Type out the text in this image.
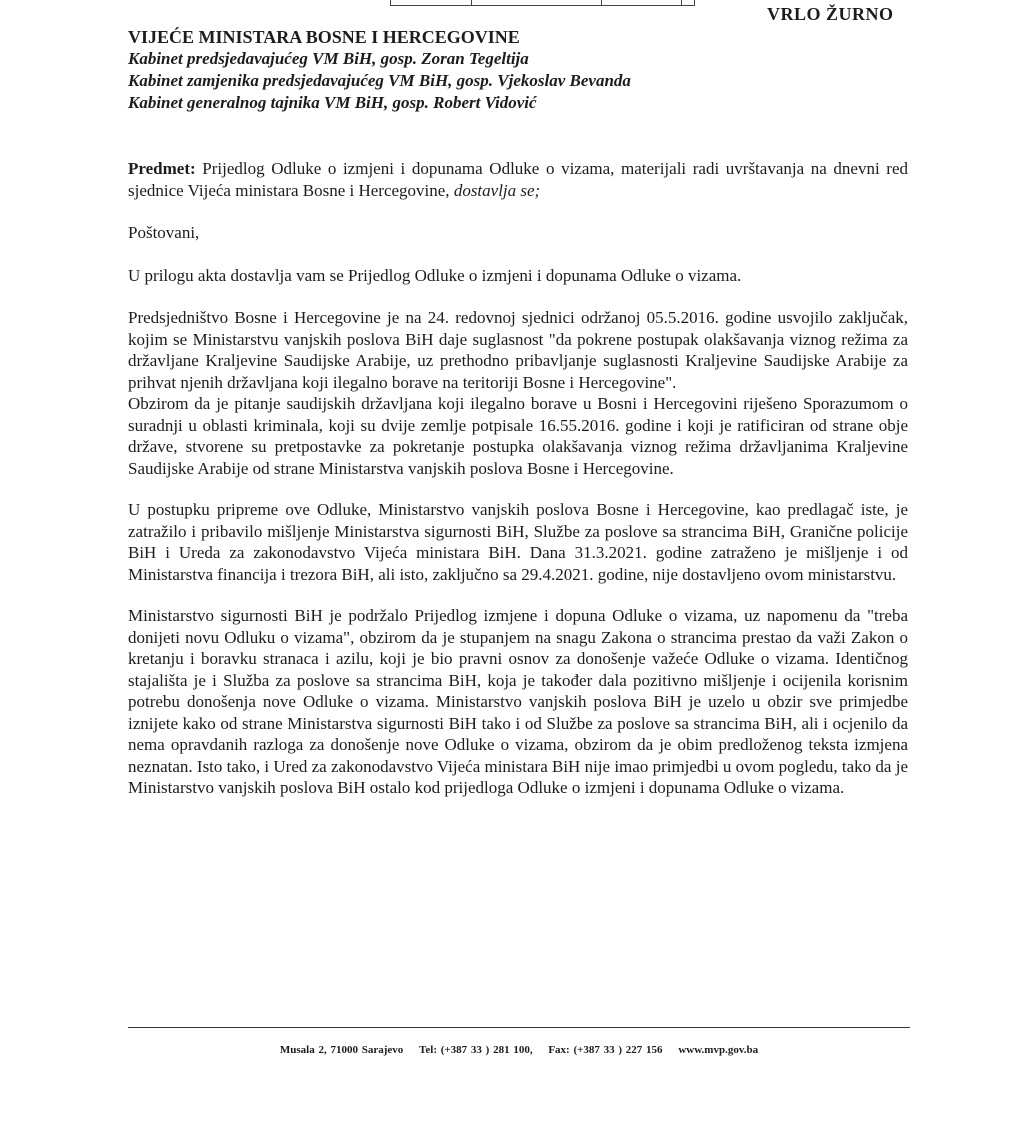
VRLO ŽURNO

VIJEĆE MINISTARA BOSNE I HERCEGOVINE

Kabinet predsjedavajućeg VM BiH, gosp. Zoran Tegeltija

Kabinet zamjenika predsjedavajućeg VM BiH, gosp. Vjekoslav Bevanda

Kabinet generalnog tajnika VM BiH, gosp. Robert Vidović

Predmet: Prijedlog Odluke o izmjeni i dopunama Odluke o vizama, materijali radi uvrštavanja na dnevni red sjednice Vijeća ministara Bosne i Hercegovine, dostavlja se;

Poštovani,

U prilogu akta dostavlja vam se Prijedlog Odluke o izmjeni i dopunama Odluke o vizama.

Predsjedništvo Bosne i Hercegovine je na 24. redovnoj sjednici održanoj 05.5.2016. godine usvojilo zaključak, kojim se Ministarstvu vanjskih poslova BiH daje suglasnost "da pokrene postupak olakšavanja viznog režima za državljane Kraljevine Saudijske Arabije, uz prethodno pribavljanje suglasnosti Kraljevine Saudijske Arabije za prihvat njenih državljana koji ilegalno borave na teritoriji Bosne i Hercegovine".

Obzirom da je pitanje saudijskih državljana koji ilegalno borave u Bosni i Hercegovini riješeno Sporazumom o suradnji u oblasti kriminala, koji su dvije zemlje potpisale 16.55.2016. godine i koji je ratificiran od strane obje države, stvorene su pretpostavke za pokretanje postupka olakšavanja viznog režima državljanima Kraljevine Saudijske Arabije od strane Ministarstva vanjskih poslova Bosne i Hercegovine.

U postupku pripreme ove Odluke, Ministarstvo vanjskih poslova Bosne i Hercegovine, kao predlagač iste, je zatražilo i pribavilo mišljenje Ministarstva sigurnosti BiH, Službe za poslove sa strancima BiH, Granične policije BiH i Ureda za zakonodavstvo Vijeća ministara BiH. Dana 31.3.2021. godine zatraženo je mišljenje i od Ministarstva financija i trezora BiH, ali isto, zaključno sa 29.4.2021. godine, nije dostavljeno ovom ministarstvu.

Ministarstvo sigurnosti BiH je podržalo Prijedlog izmjene i dopuna Odluke o vizama, uz napomenu da "treba donijeti novu Odluku o vizama", obzirom da je stupanjem na snagu Zakona o strancima prestao da važi Zakon o kretanju i boravku stranaca i azilu, koji je bio pravni osnov za donošenje važeće Odluke o vizama. Identičnog stajališta je i Služba za poslove sa strancima BiH, koja je također dala pozitivno mišljenje i ocijenila korisnim potrebu donošenja nove Odluke o vizama. Ministarstvo vanjskih poslova BiH je uzelo u obzir sve primjedbe iznijete kako od strane Ministarstva sigurnosti BiH tako i od Službe za poslove sa strancima BiH, ali i ocjenilo da nema opravdanih razloga za donošenje nove Odluke o vizama, obzirom da je obim predloženog teksta izmjena neznatan. Isto tako, i Ured za zakonodavstvo Vijeća ministara BiH nije imao primjedbi u ovom pogledu, tako da je Ministarstvo vanjskih poslova BiH ostalo kod prijedloga Odluke o izmjeni i dopunama Odluke o vizama.

Musala 2, 71000 Sarajevo Tel: (+387 33 ) 281 100, Fax: (+387 33 ) 227 156 www.mvp.gov.ba
